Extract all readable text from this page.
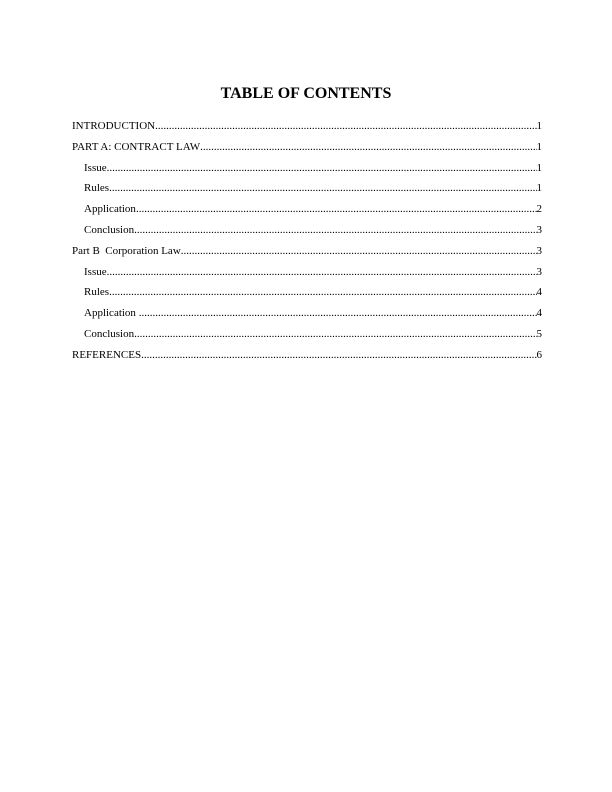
TABLE OF CONTENTS
INTRODUCTION .....	1
PART A: CONTRACT LAW .....	1
Issue .....	1
Rules .....	1
Application .....	2
Conclusion .....	3
Part B  Corporation Law .....	3
Issue .....	3
Rules .....	4
Application .....	4
Conclusion .....	5
REFERENCES .....	6
